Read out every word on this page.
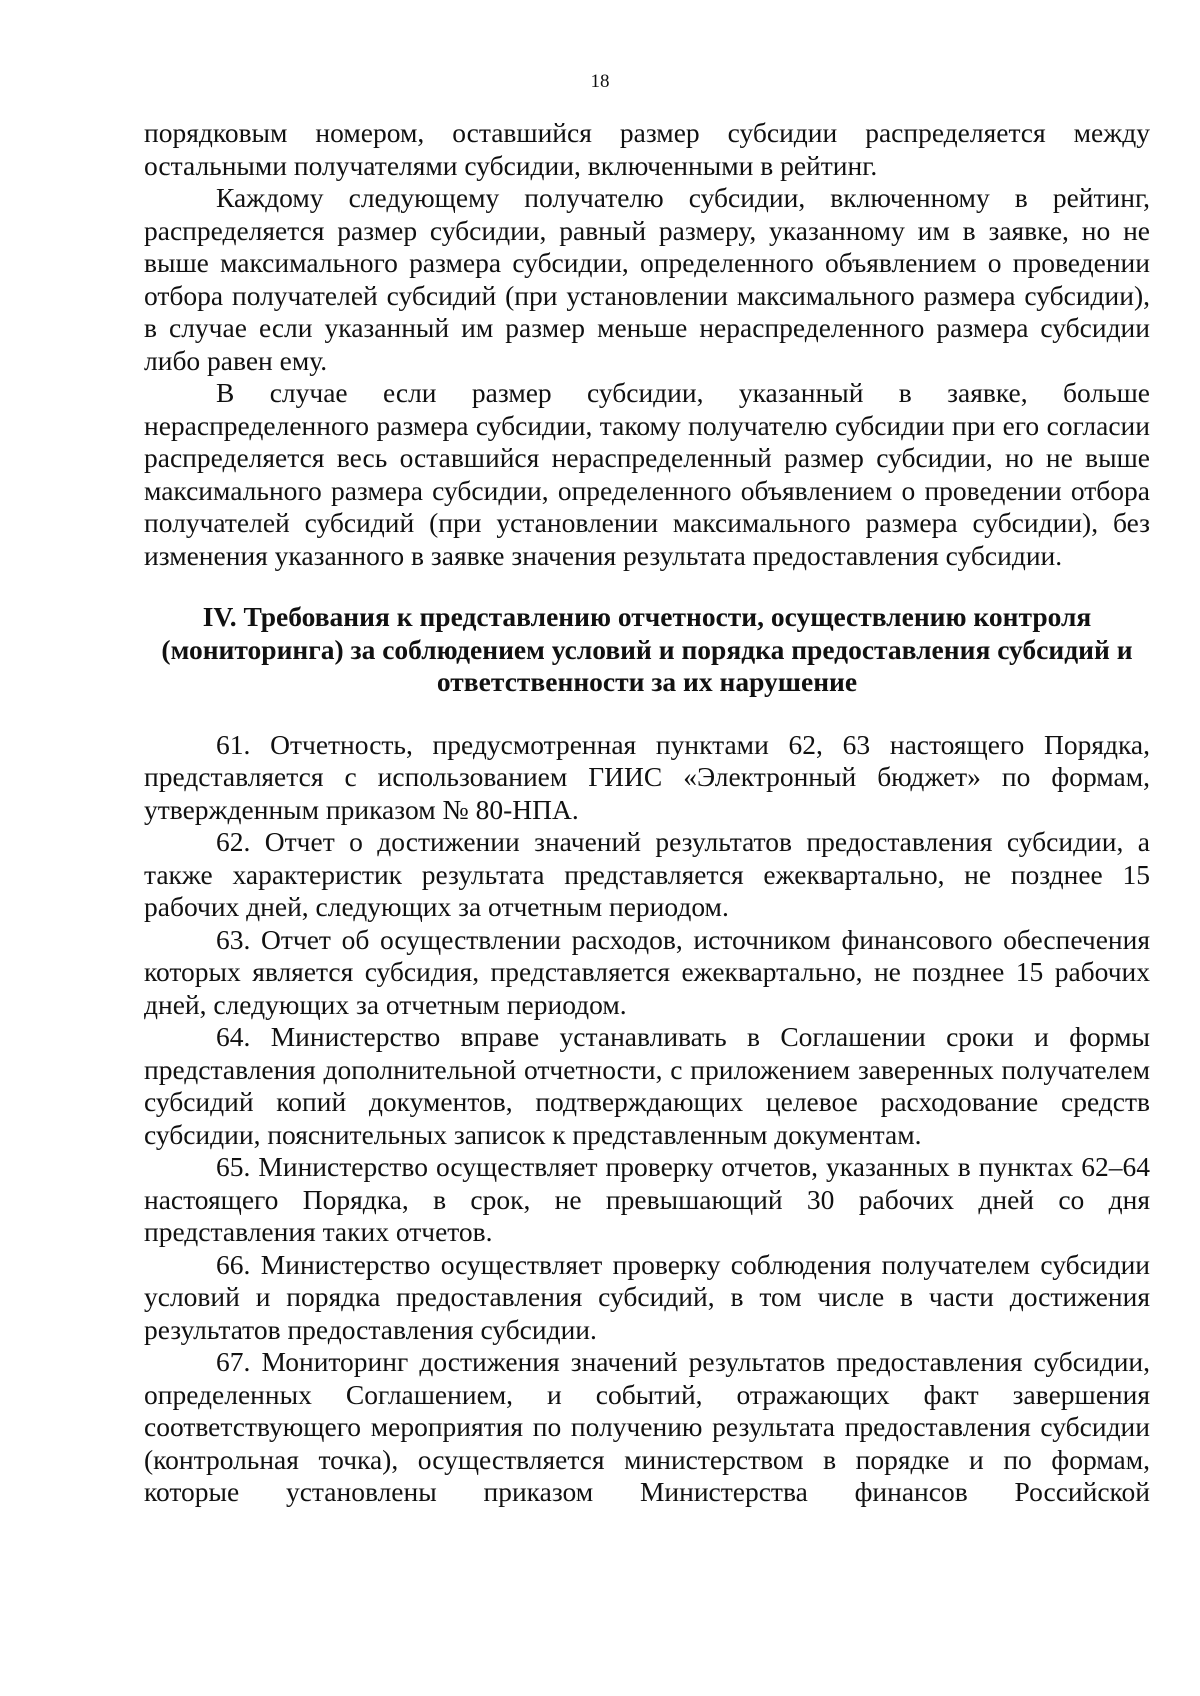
18

порядковым номером, оставшийся размер субсидии распределяется между остальными получателями субсидии, включенными в рейтинг.

Каждому следующему получателю субсидии, включенному в рейтинг, распределяется размер субсидии, равный размеру, указанному им в заявке, но не выше максимального размера субсидии, определенного объявлением о проведении отбора получателей субсидий (при установлении максимального размера субсидии), в случае если указанный им размер меньше нераспределенного размера субсидии либо равен ему.

В случае если размер субсидии, указанный в заявке, больше нераспределенного размера субсидии, такому получателю субсидии при его согласии распределяется весь оставшийся нераспределенный размер субсидии, но не выше максимального размера субсидии, определенного объявлением о проведении отбора получателей субсидий (при установлении максимального размера субсидии), без изменения указанного в заявке значения результата предоставления субсидии.

IV. Требования к представлению отчетности, осуществлению контроля (мониторинга) за соблюдением условий и порядка предоставления субсидий и ответственности за их нарушение

61. Отчетность, предусмотренная пунктами 62, 63 настоящего Порядка, представляется с использованием ГИИС «Электронный бюджет» по формам, утвержденным приказом № 80-НПА.

62. Отчет о достижении значений результатов предоставления субсидии, а также характеристик результата представляется ежеквартально, не позднее 15 рабочих дней, следующих за отчетным периодом.

63. Отчет об осуществлении расходов, источником финансового обеспечения которых является субсидия, представляется ежеквартально, не позднее 15 рабочих дней, следующих за отчетным периодом.

64. Министерство вправе устанавливать в Соглашении сроки и формы представления дополнительной отчетности, с приложением заверенных получателем субсидий копий документов, подтверждающих целевое расходование средств субсидии, пояснительных записок к представленным документам.

65. Министерство осуществляет проверку отчетов, указанных в пунктах 62–64 настоящего Порядка, в срок, не превышающий 30 рабочих дней со дня представления таких отчетов.

66. Министерство осуществляет проверку соблюдения получателем субсидии условий и порядка предоставления субсидий, в том числе в части достижения результатов предоставления субсидии.

67. Мониторинг достижения значений результатов предоставления субсидии, определенных Соглашением, и событий, отражающих факт завершения соответствующего мероприятия по получению результата предоставления субсидии (контрольная точка), осуществляется министерством в порядке и по формам, которые установлены приказом Министерства финансов Российской
